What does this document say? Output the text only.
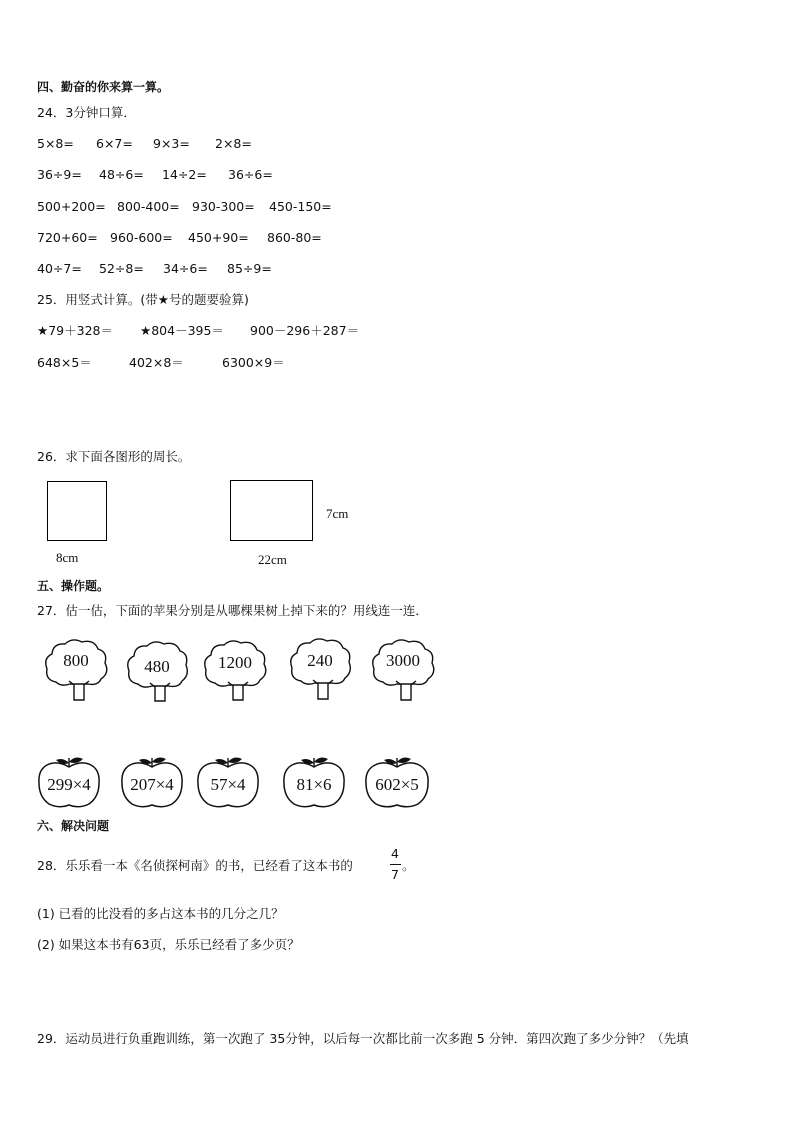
四、勤奋的你来算一算。
24．3分钟口算．
5×8= 6×7= 9×3= 2×8=
36÷9= 48÷6= 14÷2= 36÷6=
500+200= 800-400= 930-300= 450-150=
720+60= 960-600= 450+90= 860-80=
40÷7= 52÷8= 34÷6= 85÷9=
25．用竖式计算。(带★号的题要验算)
★79＋328＝ ★804－395＝ 900－296＋287＝
648×5＝	402×8＝	6300×9＝
26．求下面各图形的周长。
8cm
7cm
22cm
五、操作题。
27．估一估，下面的苹果分别是从哪棵果树上掉下来的？用线连一连．
800	480	1200	240	3000
299×4	207×4	57×4	81×6	602×5
六、解决问题
28．乐乐看一本《名侦探柯南》的书，已经看了这本书的
4
7
。
(1) 已看的比没看的多占这本书的几分之几？
(2) 如果这本书有63页，乐乐已经看了多少页？
29．运动员进行负重跑训练，第一次跑了 35分钟，以后每一次都比前一次多跑 5 分钟．第四次跑了多少分钟？（先填
